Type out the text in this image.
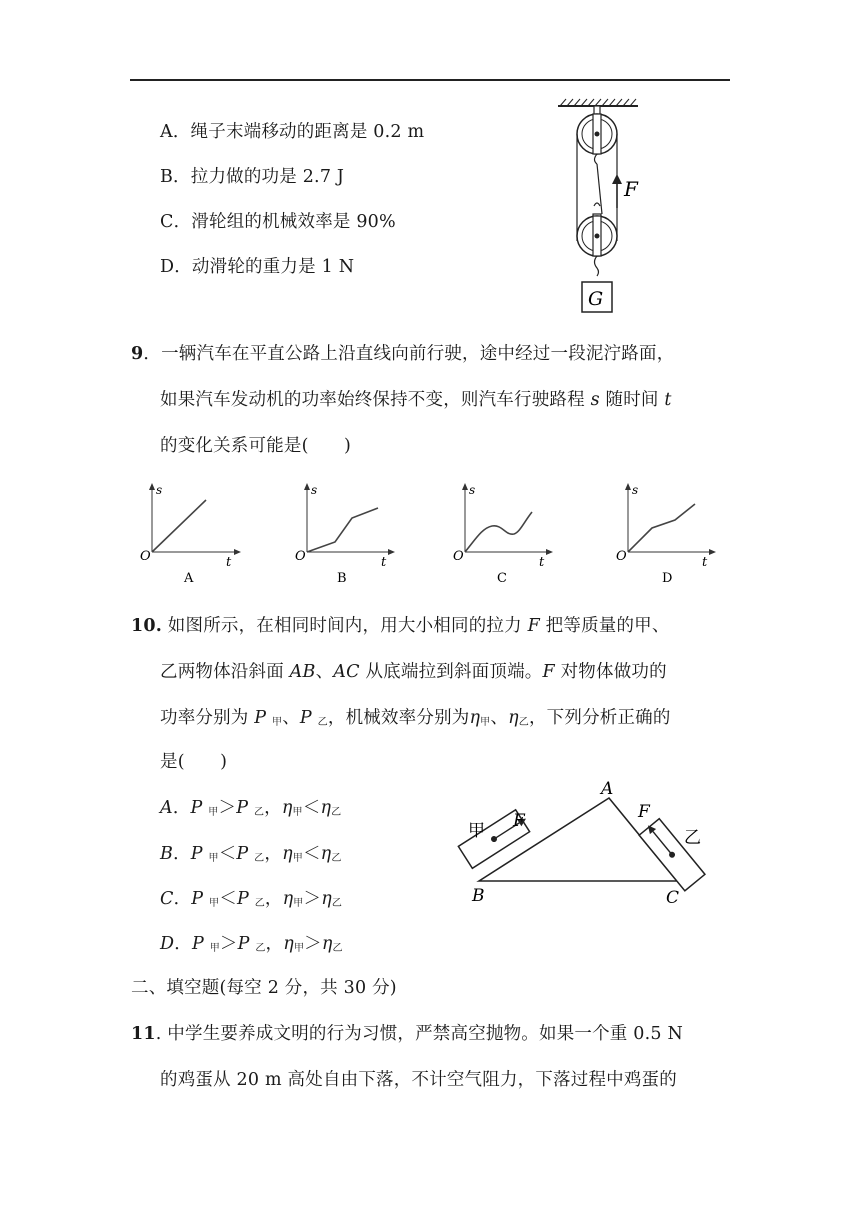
A．绳子末端移动的距离是 0.2 m
B．拉力做的功是 2.7 J
C．滑轮组的机械效率是 90%
D．动滑轮的重力是 1 N
F
G
9．一辆汽车在平直公路上沿直线向前行驶，途中经过一段泥泞路面，
如果汽车发动机的功率始终保持不变，则汽车行驶路程 s 随时间 t
的变化关系可能是(　　)
s
O	t
A
s
O	t
B
s
O	t
C
s
O	t
D
10. 如图所示，在相同时间内，用大小相同的拉力 F 把等质量的甲、
乙两物体沿斜面 AB、AC 从底端拉到斜面顶端。F 对物体做功的
功率分别为 P $_甲$、P $_乙$，机械效率分别为$\eta_甲$、$\eta_乙$，下列分析正确的
是(　　)
A．P $_甲$＞P $_乙$，$\eta_甲<\eta_乙$
B．P $_甲$＜P $_乙$，$\eta_甲<\eta_乙$
C．P $_甲$＜P $_乙$，$\eta_甲>\eta_乙$
D．P $_甲$＞P $_乙$，$\eta_甲>\eta_乙$
A
B	C
甲	乙
F	F
二、填空题(每空 2 分，共 30 分)
11. 中学生要养成文明的行为习惯，严禁高空抛物。如果一个重 0.5 N
的鸡蛋从 20 m 高处自由下落，不计空气阻力，下落过程中鸡蛋的
